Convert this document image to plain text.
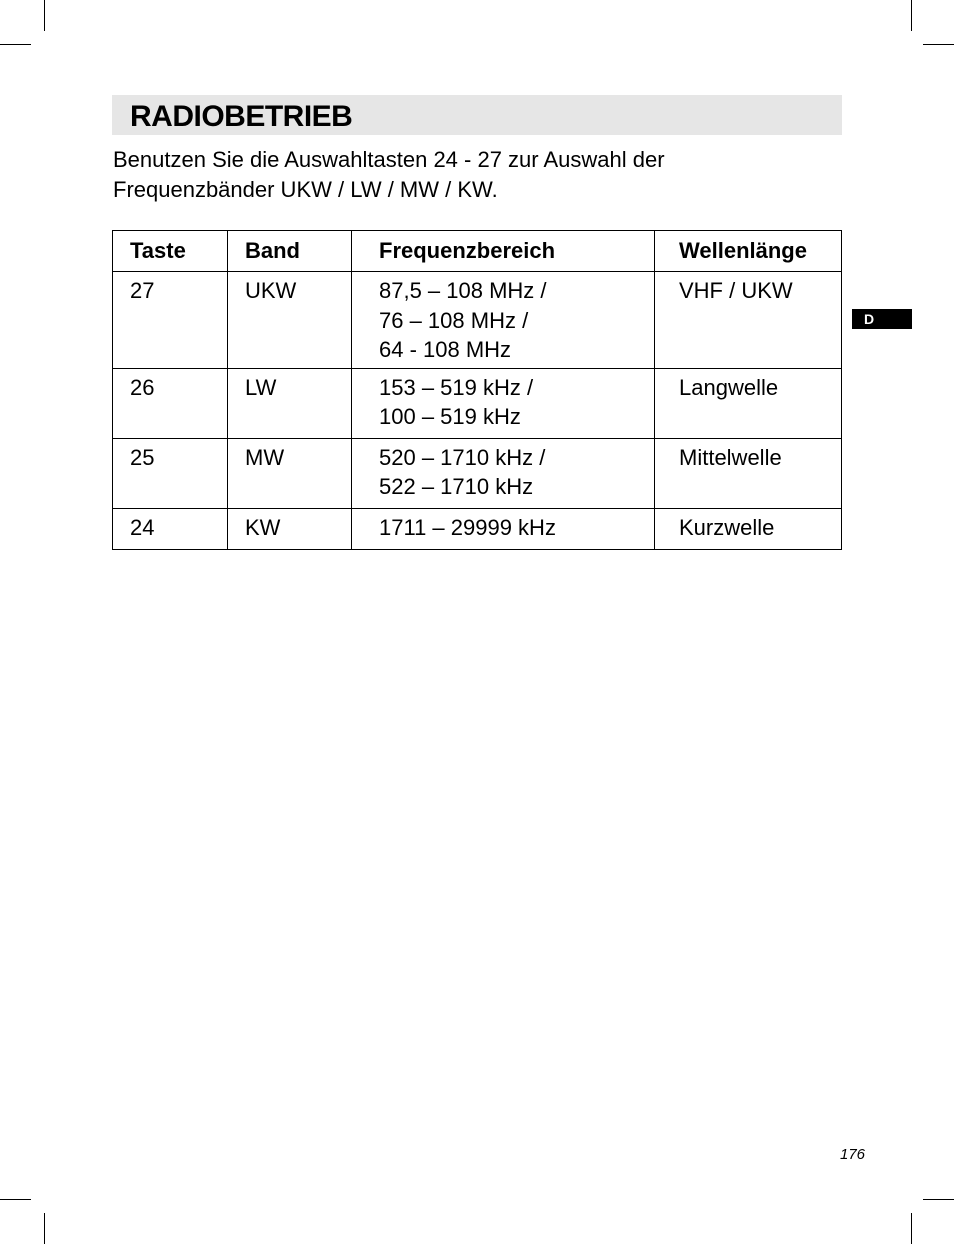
RADIOBETRIEB

Benutzen Sie die Auswahltasten 24 - 27 zur Auswahl der
Frequenzbänder UKW / LW / MW / KW.

Taste	Band	Frequenzbereich	Wellenlänge
27	UKW	87,5 – 108 MHz /
76 – 108 MHz /
64 - 108 MHz	VHF / UKW
26	LW	153 – 519 kHz /
100 – 519 kHz	Langwelle
25	MW	520 – 1710 kHz /
522 – 1710 kHz	Mittelwelle
24	KW	1711 – 29999 kHz	Kurzwelle
D
176
